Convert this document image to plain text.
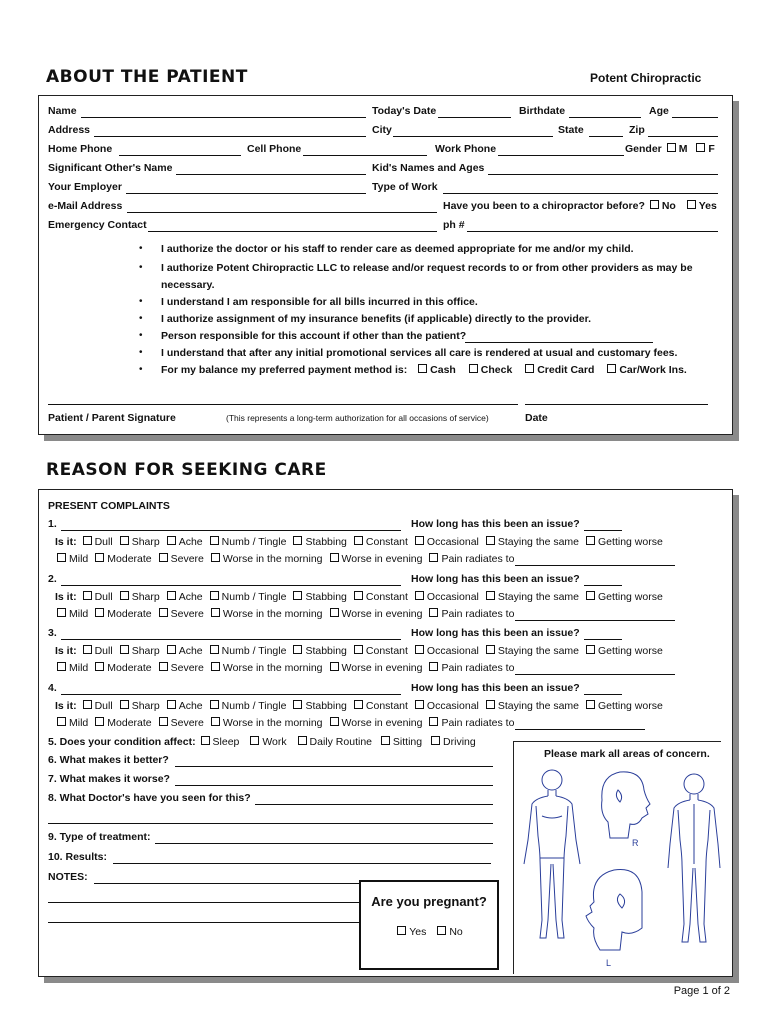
ABOUT THE PATIENT	Potent Chiropractic
Name	Today's Date	Birthdate	Age
Address	City	State	Zip
Home Phone	Cell Phone	Work Phone	Gender M F
Significant Other's Name	Kid's Names and Ages
Your Employer	Type of Work
e-Mail Address	Have you been to a chiropractor before? No Yes
Emergency Contact	ph #
• I authorize the doctor or his staff to render care as deemed appropriate for me and/or my child.
• I authorize Potent Chiropractic LLC to release and/or request records to or from other providers as may be
necessary.
• I understand I am responsible for all bills incurred in this office.
• I authorize assignment of my insurance benefits (if applicable) directly to the provider.
• Person responsible for this account if other than the patient?
• I understand that after any initial promotional services all care is rendered at usual and customary fees.
• For my balance my preferred payment method is: Cash Check Credit Card Car/Work Ins.
Patient / Parent Signature	(This represents a long-term authorization for all occasions of service)	Date
REASON FOR SEEKING CARE
PRESENT COMPLAINTS
1.	How long has this been an issue?
Is it: Dull Sharp Ache Numb / Tingle Stabbing Constant Occasional Staying the same Getting worse
Mild Moderate Severe Worse in the morning Worse in evening Pain radiates to
2.	How long has this been an issue?
Is it: Dull Sharp Ache Numb / Tingle Stabbing Constant Occasional Staying the same Getting worse
Mild Moderate Severe Worse in the morning Worse in evening Pain radiates to
3.	How long has this been an issue?
Is it: Dull Sharp Ache Numb / Tingle Stabbing Constant Occasional Staying the same Getting worse
Mild Moderate Severe Worse in the morning Worse in evening Pain radiates to
4.	How long has this been an issue?
Is it: Dull Sharp Ache Numb / Tingle Stabbing Constant Occasional Staying the same Getting worse
Mild Moderate Severe Worse in the morning Worse in evening Pain radiates to
5. Does your condition affect: Sleep Work Daily Routine Sitting Driving
6. What makes it better?
7. What makes it worse?
8. What Doctor's have you seen for this?
9. Type of treatment:
10. Results:
NOTES:
Please mark all areas of concern.
R
L
Are you pregnant?
Yes No
Page 1 of 2
